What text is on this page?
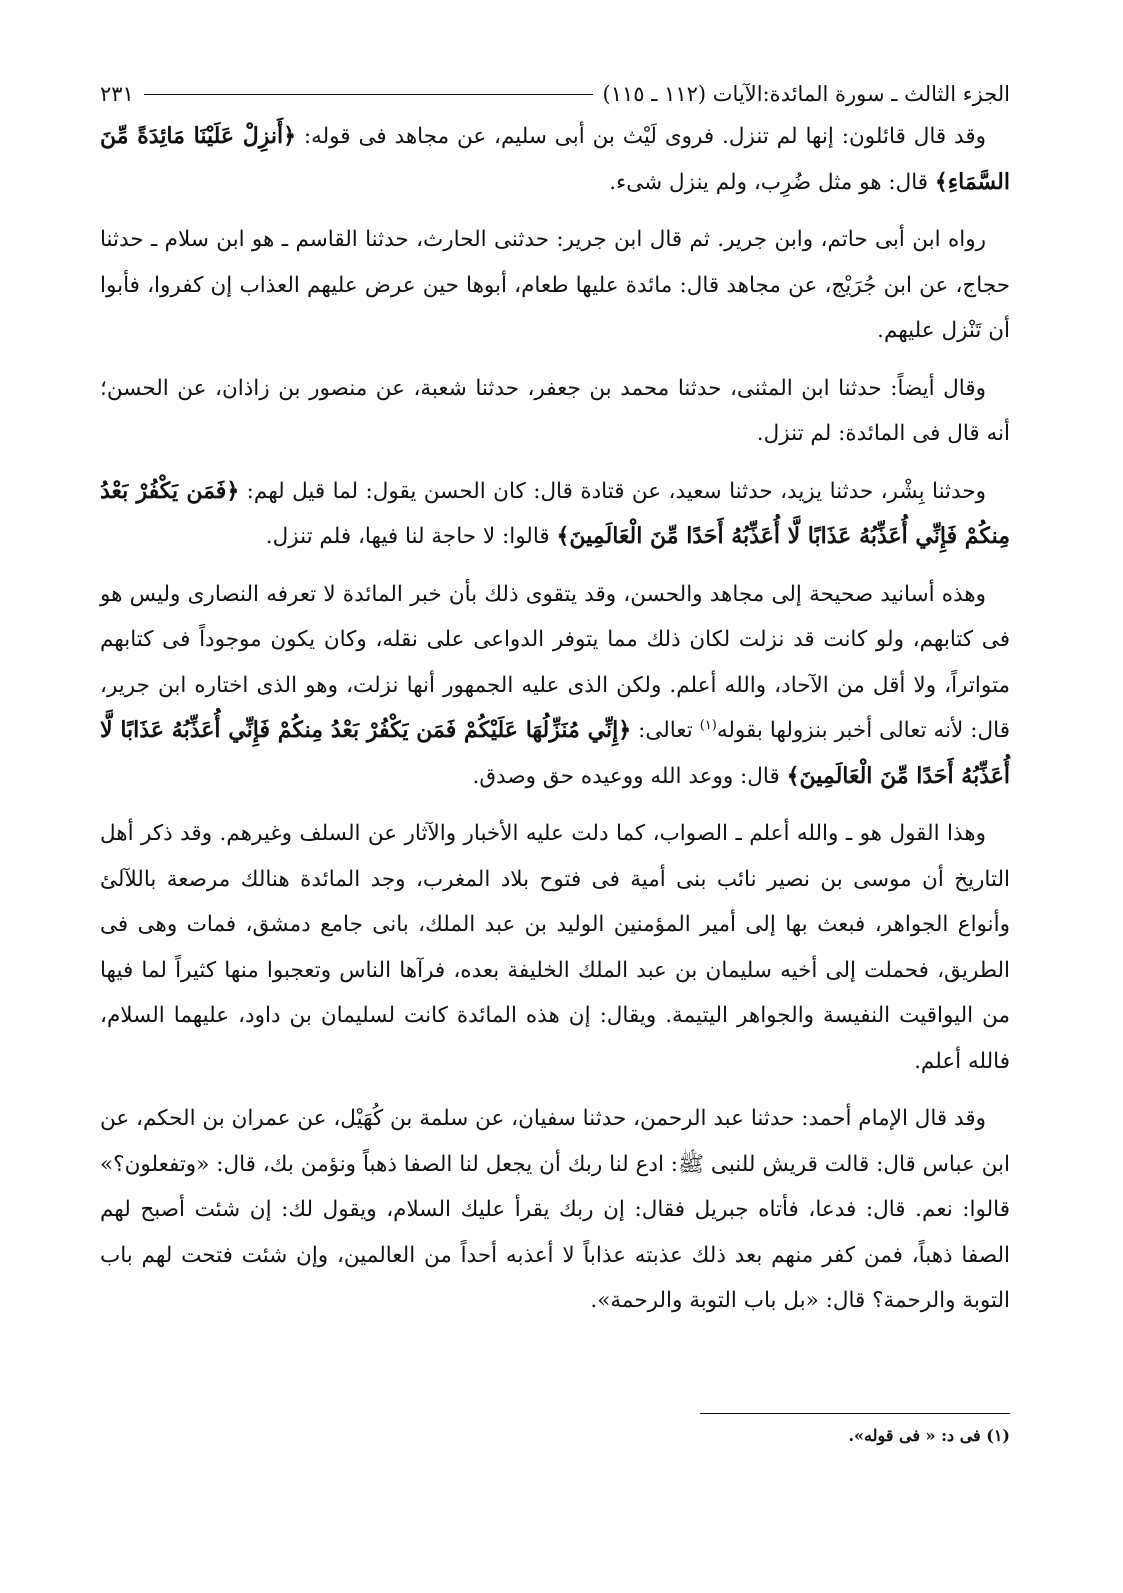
الجزء الثالث ـ سورة المائدة:الآيات (١١٢ ـ ١١٥)
٢٣١

وقد قال قائلون: إنها لم تنزل. فروى لَيْث بن أبى سليم، عن مجاهد فى قوله: ﴿أَنزِلْ عَلَيْنَا مَائِدَةً مِّنَ السَّمَاءِ﴾ قال: هو مثل ضُرِب، ولم ينزل شىء.

رواه ابن أبى حاتم، وابن جرير. ثم قال ابن جرير: حدثنى الحارث، حدثنا القاسم ـ هو ابن سلام ـ حدثنا حجاج، عن ابن جُرَيْج، عن مجاهد قال: مائدة عليها طعام، أبوها حين عرض عليهم العذاب إن كفروا، فأبوا أن تَنْزل عليهم.

وقال أيضاً: حدثنا ابن المثنى، حدثنا محمد بن جعفر، حدثنا شعبة، عن منصور بن زاذان، عن الحسن؛ أنه قال فى المائدة: لم تنزل.

وحدثنا بِشْر، حدثنا يزيد، حدثنا سعيد، عن قتادة قال: كان الحسن يقول: لما قيل لهم: ﴿فَمَن يَكْفُرْ بَعْدُ مِنكُمْ فَإِنِّي أُعَذِّبُهُ عَذَابًا لَّا أُعَذِّبُهُ أَحَدًا مِّنَ الْعَالَمِينَ﴾ قالوا: لا حاجة لنا فيها، فلم تنزل.

وهذه أسانيد صحيحة إلى مجاهد والحسن، وقد يتقوى ذلك بأن خبر المائدة لا تعرفه النصارى وليس هو فى كتابهم، ولو كانت قد نزلت لكان ذلك مما يتوفر الدواعى على نقله، وكان يكون موجوداً فى كتابهم متواتراً، ولا أقل من الآحاد، والله أعلم. ولكن الذى عليه الجمهور أنها نزلت، وهو الذى اختاره ابن جرير، قال: لأنه تعالى أخبر بنزولها بقوله$^{(١)}$ تعالى: ﴿إِنِّي مُنَزِّلُهَا عَلَيْكُمْ فَمَن يَكْفُرْ بَعْدُ مِنكُمْ فَإِنِّي أُعَذِّبُهُ عَذَابًا لَّا أُعَذِّبُهُ أَحَدًا مِّنَ الْعَالَمِينَ﴾ قال: ووعد الله ووعيده حق وصدق.

وهذا القول هو ـ والله أعلم ـ الصواب، كما دلت عليه الأخبار والآثار عن السلف وغيرهم. وقد ذكر أهل التاريخ أن موسى بن نصير نائب بنى أمية فى فتوح بلاد المغرب، وجد المائدة هنالك مرصعة باللآلئ وأنواع الجواهر، فبعث بها إلى أمير المؤمنين الوليد بن عبد الملك، بانى جامع دمشق، فمات وهى فى الطريق، فحملت إلى أخيه سليمان بن عبد الملك الخليفة بعده، فرآها الناس وتعجبوا منها كثيراً لما فيها من اليواقيت النفيسة والجواهر اليتيمة. ويقال: إن هذه المائدة كانت لسليمان بن داود، عليهما السلام، فالله أعلم.

وقد قال الإمام أحمد: حدثنا عبد الرحمن، حدثنا سفيان، عن سلمة بن كُهَيْل، عن عمران بن الحكم، عن ابن عباس قال: قالت قريش للنبى ﷺ: ادع لنا ربك أن يجعل لنا الصفا ذهباً ونؤمن بك، قال: «وتفعلون؟» قالوا: نعم. قال: فدعا، فأتاه جبريل فقال: إن ربك يقرأ عليك السلام، ويقول لك: إن شئت أصبح لهم الصفا ذهباً، فمن كفر منهم بعد ذلك عذبته عذاباً لا أعذبه أحداً من العالمين، وإن شئت فتحت لهم باب التوبة والرحمة؟ قال: «بل باب التوبة والرحمة».

(١) فى د: « فى قوله».
